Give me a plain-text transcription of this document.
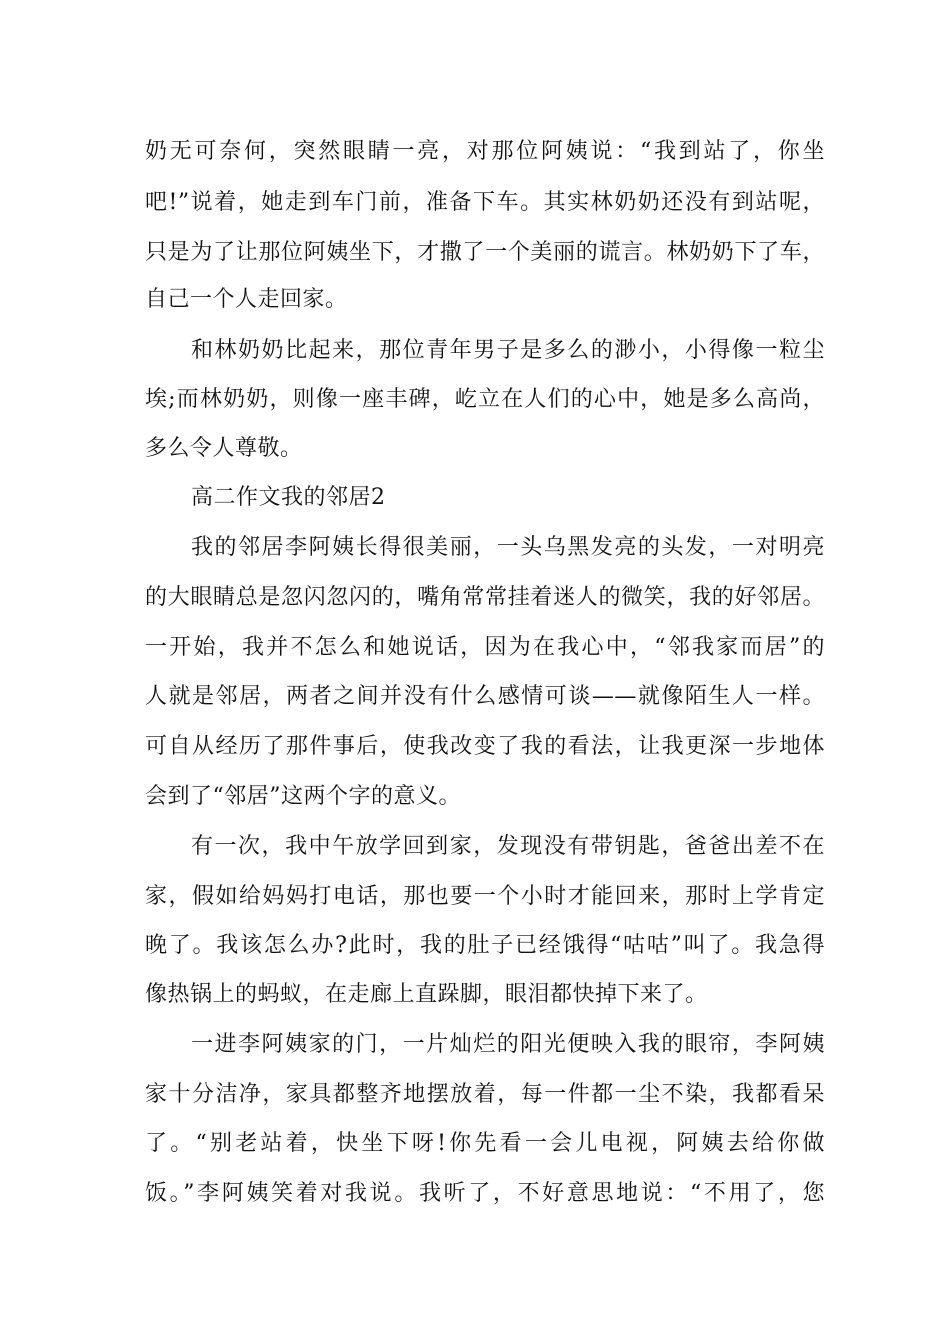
奶无可奈何，突然眼睛一亮，对那位阿姨说：“我到站了，你坐
吧!”说着，她走到车门前，准备下车。其实林奶奶还没有到站呢，
只是为了让那位阿姨坐下，才撒了一个美丽的谎言。林奶奶下了车，
自己一个人走回家。
和林奶奶比起来，那位青年男子是多么的渺小，小得像一粒尘
埃;而林奶奶，则像一座丰碑，屹立在人们的心中，她是多么高尚，
多么令人尊敬。
高二作文我的邻居2
我的邻居李阿姨长得很美丽，一头乌黑发亮的头发，一对明亮
的大眼睛总是忽闪忽闪的，嘴角常常挂着迷人的微笑，我的好邻居。
一开始，我并不怎么和她说话，因为在我心中，“邻我家而居”的
人就是邻居，两者之间并没有什么感情可谈——就像陌生人一样。
可自从经历了那件事后，使我改变了我的看法，让我更深一步地体
会到了“邻居”这两个字的意义。
有一次，我中午放学回到家，发现没有带钥匙，爸爸出差不在
家，假如给妈妈打电话，那也要一个小时才能回来，那时上学肯定
晚了。我该怎么办?此时，我的肚子已经饿得“咕咕”叫了。我急得
像热锅上的蚂蚁，在走廊上直跺脚，眼泪都快掉下来了。
一进李阿姨家的门，一片灿烂的阳光便映入我的眼帘，李阿姨
家十分洁净，家具都整齐地摆放着，每一件都一尘不染，我都看呆
了。“别老站着，快坐下呀!你先看一会儿电视，阿姨去给你做
饭。”李阿姨笑着对我说。我听了，不好意思地说：“不用了，您
